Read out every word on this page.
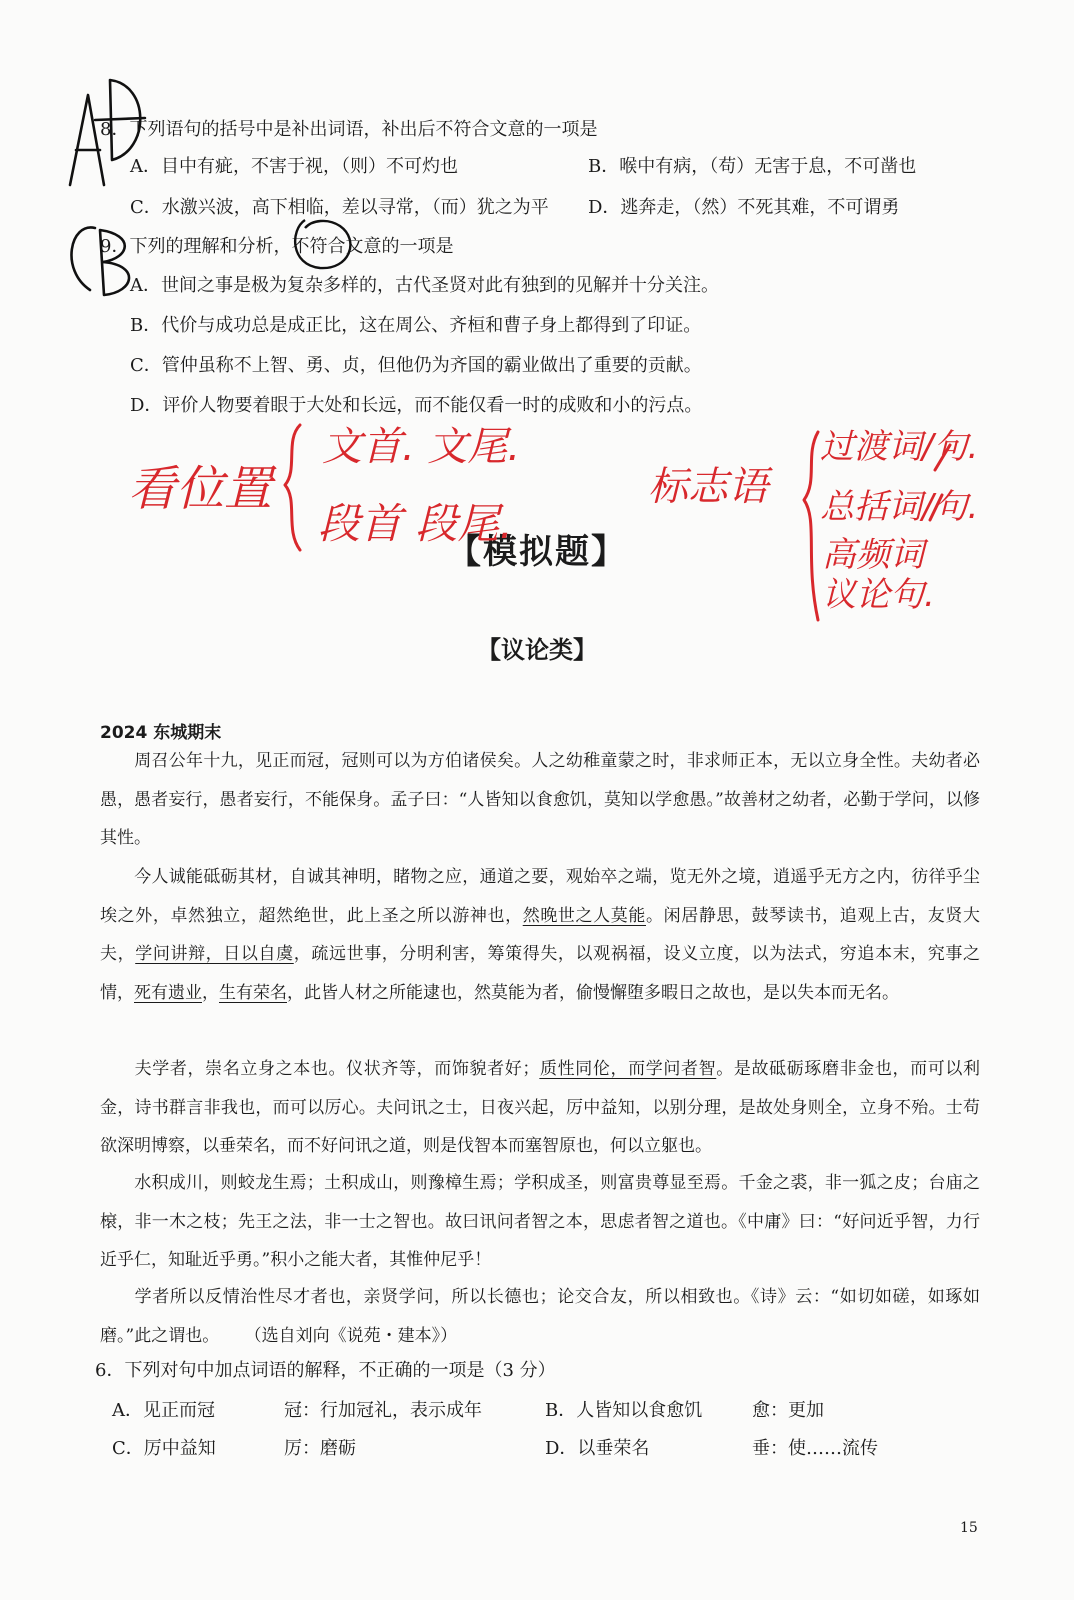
8．下列语句的括号中是补出词语，补出后不符合文意的一项是
A．目中有疵，不害于视，（则）不可灼也	B．喉中有病，（苟）无害于息，不可凿也
C．水激兴波，高下相临，差以寻常，（而）犹之为平 D．逃奔走，（然）不死其难，不可谓勇
9．下列的理解和分析，不符合文意的一项是
A．世间之事是极为复杂多样的，古代圣贤对此有独到的见解并十分关注。
B．代价与成功总是成正比，这在周公、齐桓和曹子身上都得到了印证。
C．管仲虽称不上智、勇、贞，但他仍为齐国的霸业做出了重要的贡献。
D．评价人物要着眼于大处和长远，而不能仅看一时的成败和小的污点。
【模拟题】
【议论类】
2024 东城期末
周召公年十九，见正而冠，冠则可以为方伯诸侯矣。人之幼稚童蒙之时，非求师正本，无以立身全性。夫幼者必愚，愚者妄行，愚者妄行，不能保身。孟子曰：“人皆知以食愈饥，莫知以学愈愚。”故善材之幼者，必勤于学问，以修其性。
今人诚能砥砺其材，自诚其神明，睹物之应，通道之要，观始卒之端，览无外之境，逍遥乎无方之内，彷徉乎尘埃之外，卓然独立，超然绝世，此上圣之所以游神也，然晚世之人莫能。闲居静思，鼓琴读书，追观上古，友贤大夫，学问讲辩，日以自虞，疏远世事，分明利害，筹策得失，以观祸福，设义立度，以为法式，穷追本末，究事之情，死有遗业，生有荣名，此皆人材之所能逮也，然莫能为者，偷慢懈堕多暇日之故也，是以失本而无名。
夫学者，崇名立身之本也。仪状齐等，而饰貌者好；质性同伦，而学问者智。是故砥砺琢磨非金也，而可以利金，诗书群言非我也，而可以厉心。夫问讯之士，日夜兴起，厉中益知，以别分理，是故处身则全，立身不殆。士苟欲深明博察，以垂荣名，而不好问讯之道，则是伐智本而塞智原也，何以立躯也。
水积成川，则蛟龙生焉；土积成山，则豫樟生焉；学积成圣，则富贵尊显至焉。千金之裘，非一狐之皮；台庙之榱，非一木之枝；先王之法，非一士之智也。故曰讯问者智之本，思虑者智之道也。《中庸》曰：“好问近乎智，力行近乎仁，知耻近乎勇。”积小之能大者，其惟仲尼乎！
学者所以反情治性尽才者也，亲贤学问，所以长德也；论交合友，所以相致也。《诗》云：“如切如磋，如琢如磨。”此之谓也。 （选自刘向《说苑・建本》）
6．下列对句中加点词语的解释，不正确的一项是（3 分）
A．见正而冠	冠：行加冠礼，表示成年	B．人皆知以食愈饥	愈：更加
C．厉中益知	厉：磨砺	D．以垂荣名	垂：使……流传
15
看位置
文首. 文尾.
段首 段尾.
标志语
过渡词/句.
总括词/句.
高频词
议论句.
